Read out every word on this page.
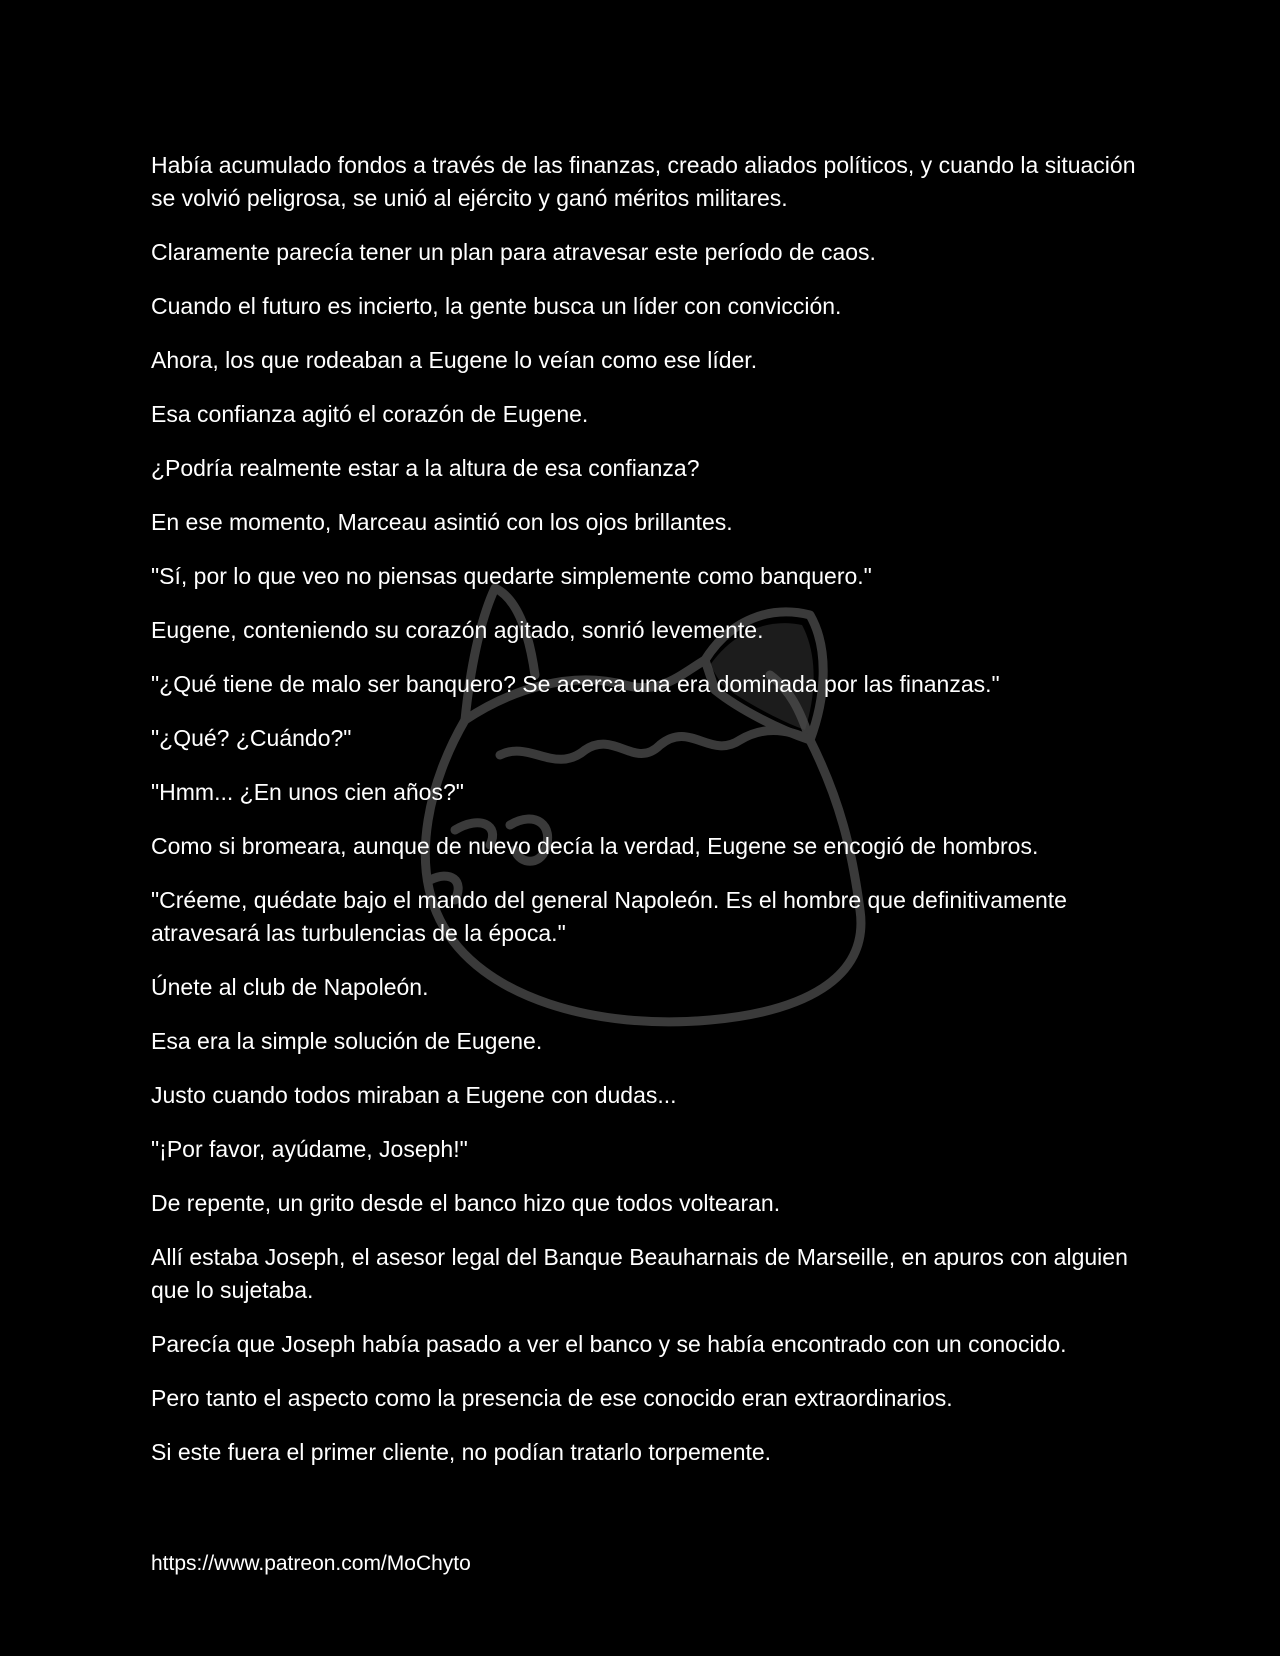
Había acumulado fondos a través de las finanzas, creado aliados políticos, y cuando la situación se volvió peligrosa, se unió al ejército y ganó méritos militares.

Claramente parecía tener un plan para atravesar este período de caos.

Cuando el futuro es incierto, la gente busca un líder con convicción.

Ahora, los que rodeaban a Eugene lo veían como ese líder.

Esa confianza agitó el corazón de Eugene.

¿Podría realmente estar a la altura de esa confianza?

En ese momento, Marceau asintió con los ojos brillantes.

"Sí, por lo que veo no piensas quedarte simplemente como banquero."

Eugene, conteniendo su corazón agitado, sonrió levemente.

"¿Qué tiene de malo ser banquero? Se acerca una era dominada por las finanzas."

"¿Qué? ¿Cuándo?"

"Hmm... ¿En unos cien años?"

Como si bromeara, aunque de nuevo decía la verdad, Eugene se encogió de hombros.

"Créeme, quédate bajo el mando del general Napoleón. Es el hombre que definitivamente atravesará las turbulencias de la época."

Únete al club de Napoleón.

Esa era la simple solución de Eugene.

Justo cuando todos miraban a Eugene con dudas...

"¡Por favor, ayúdame, Joseph!"

De repente, un grito desde el banco hizo que todos voltearan.

Allí estaba Joseph, el asesor legal del Banque Beauharnais de Marseille, en apuros con alguien que lo sujetaba.

Parecía que Joseph había pasado a ver el banco y se había encontrado con un conocido.

Pero tanto el aspecto como la presencia de ese conocido eran extraordinarios.

Si este fuera el primer cliente, no podían tratarlo torpemente.

https://www.patreon.com/MoChyto
